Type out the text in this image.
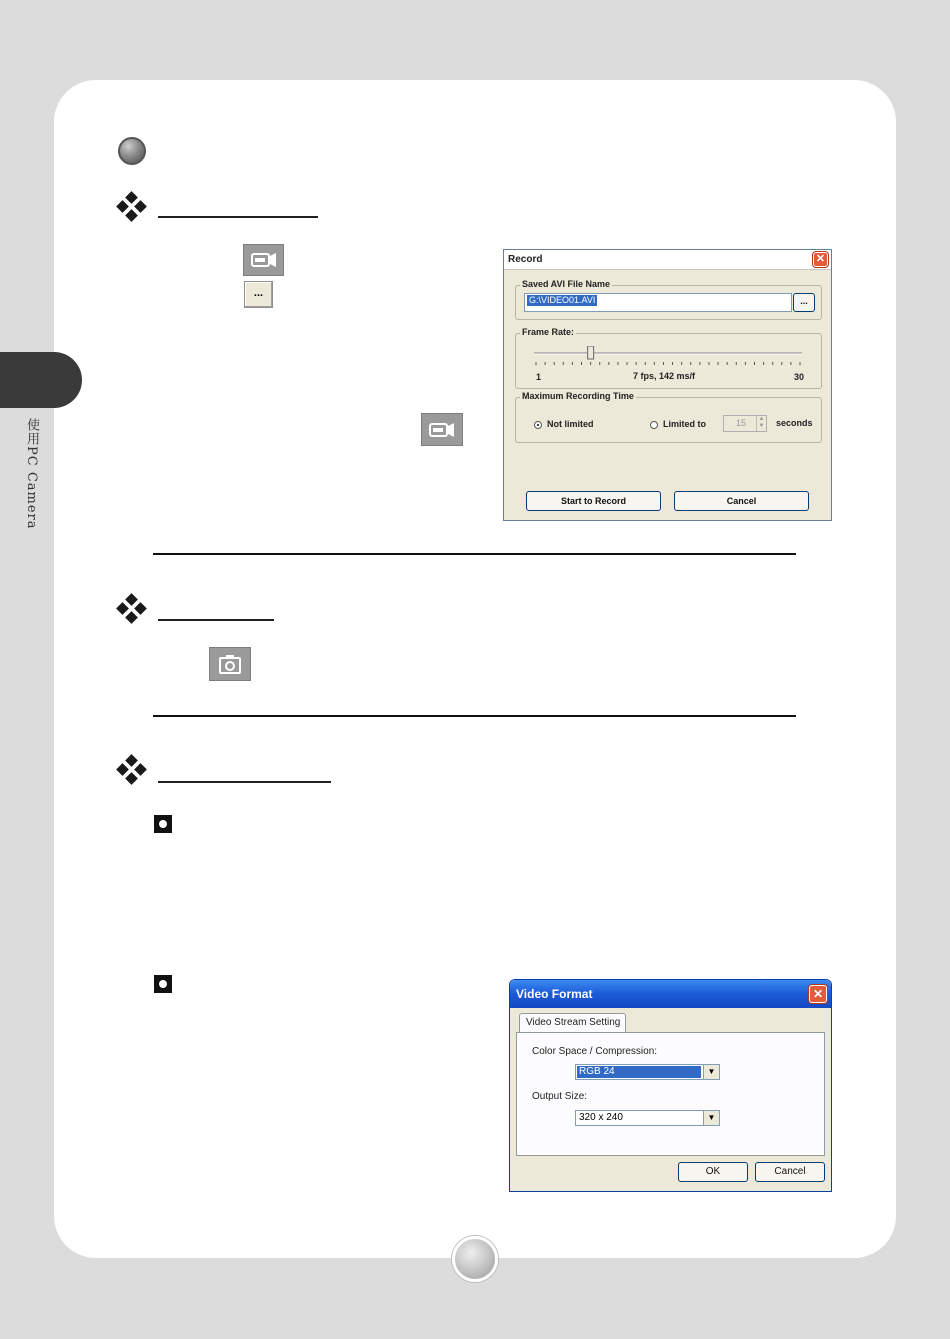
使用PC Camera
...
Record	✕
Saved AVI File Name
G:\VIDEO01.AVI	...
Frame Rate:
1	7 fps, 142 ms/f	30
Maximum Recording Time
Not limited	Limited to	15	▲
▼ seconds
Start to Record	Cancel
Video Format	✕
Video Stream Setting
Color Space / Compression:
RGB 24	▼
Output Size:
320 x 240	▼
OK	Cancel
